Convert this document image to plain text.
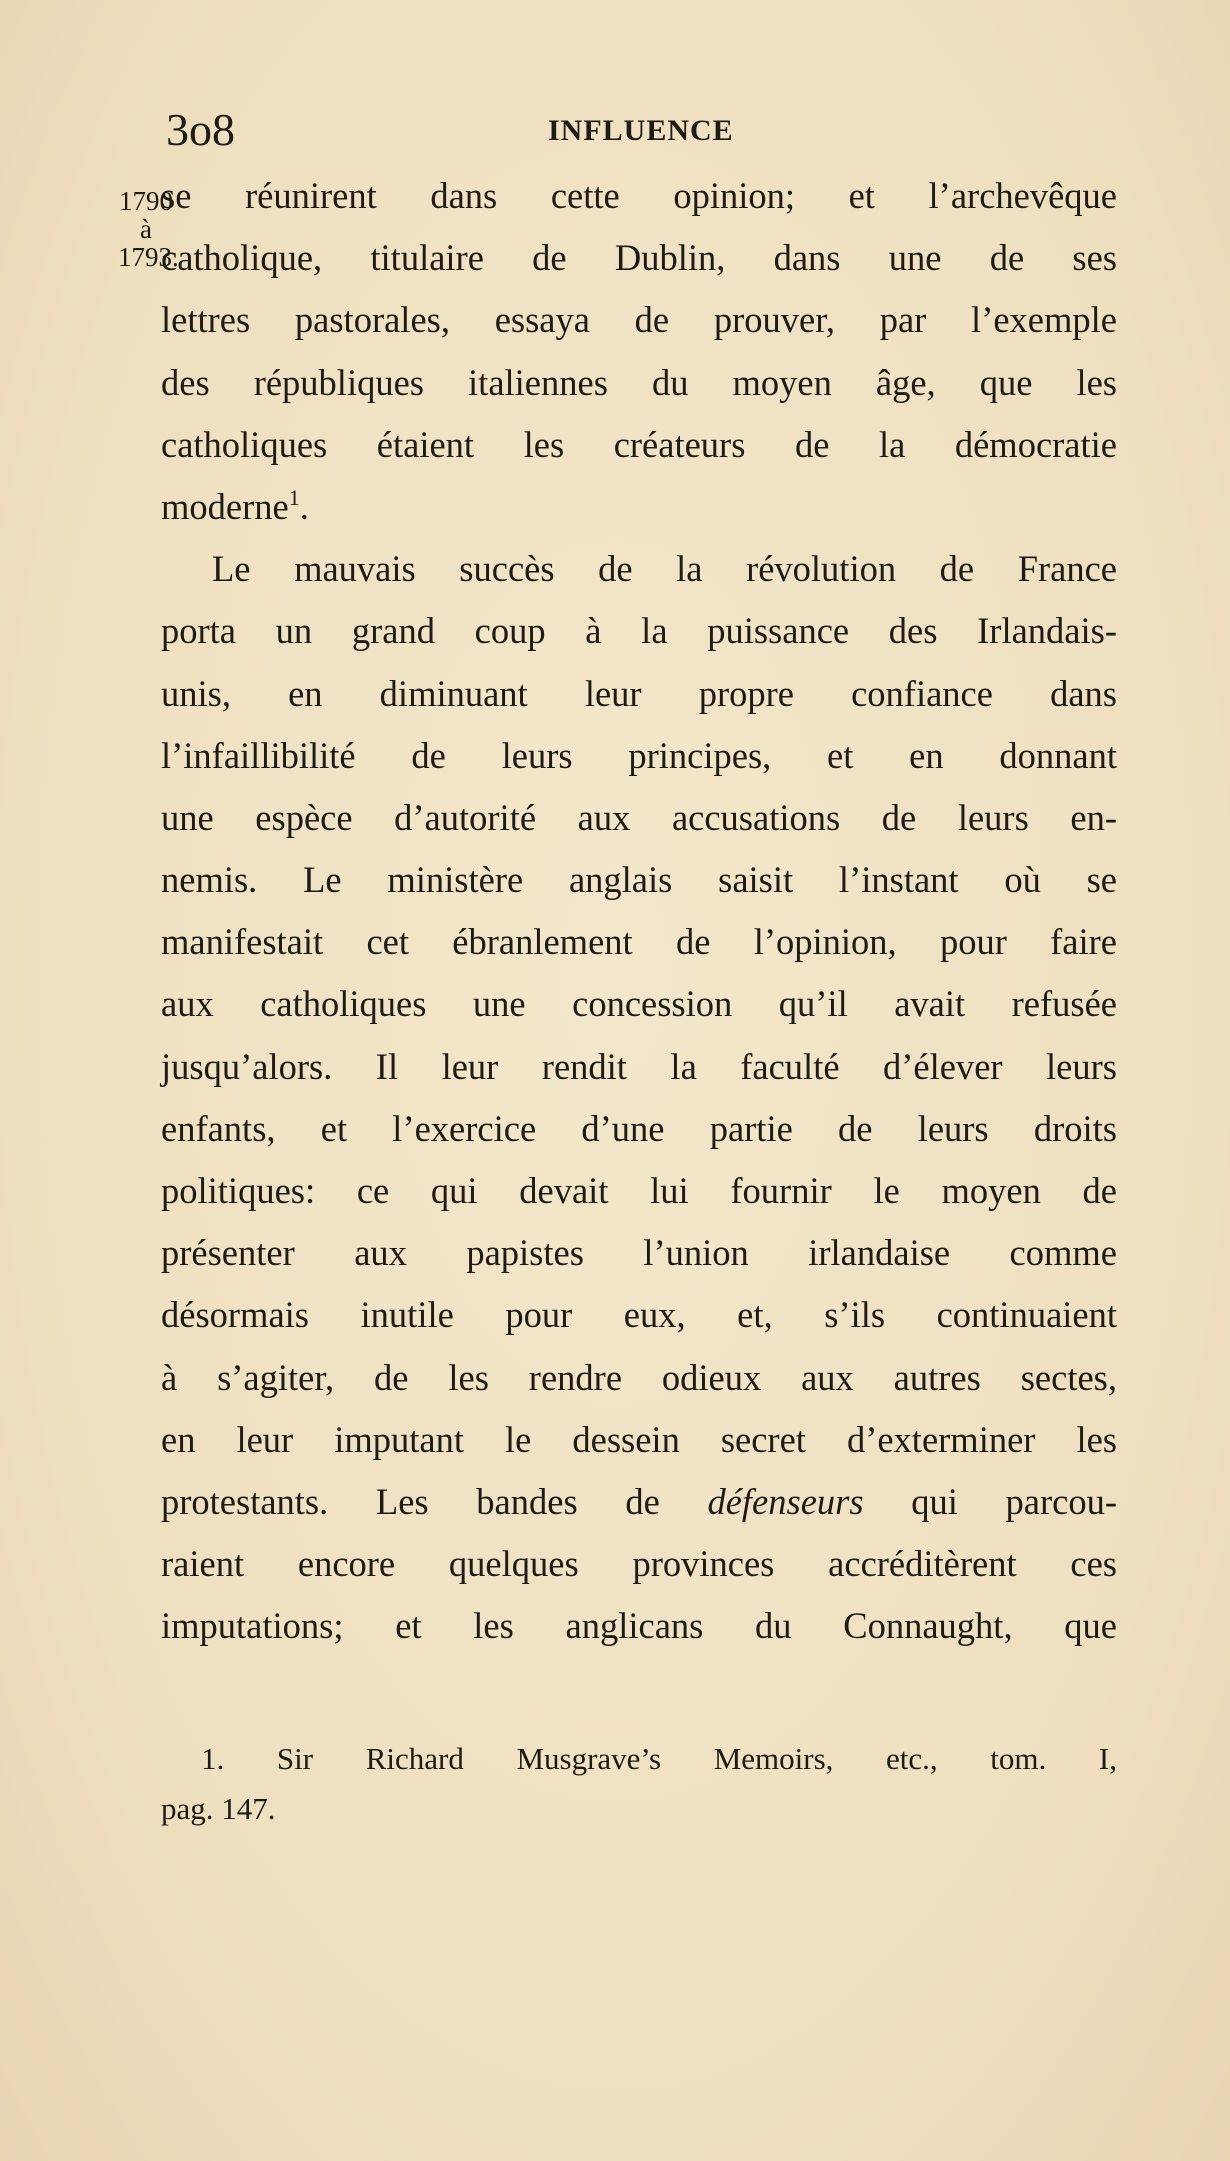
3o8	INFLUENCE
1790
à
1793.
se réunirent dans cette opinion; et l’archevêque
catholique, titulaire de Dublin, dans une de ses
lettres pastorales, essaya de prouver, par l’exemple
des républiques italiennes du moyen âge, que les
catholiques étaient les créateurs de la démocratie
moderne$^1$.
Le mauvais succès de la révolution de France
porta un grand coup à la puissance des Irlandais-
unis, en diminuant leur propre confiance dans
l’infaillibilité de leurs principes, et en donnant
une espèce d’autorité aux accusations de leurs en-
nemis. Le ministère anglais saisit l’instant où se
manifestait cet ébranlement de l’opinion, pour faire
aux catholiques une concession qu’il avait refusée
jusqu’alors. Il leur rendit la faculté d’élever leurs
enfants, et l’exercice d’une partie de leurs droits
politiques: ce qui devait lui fournir le moyen de
présenter aux papistes l’union irlandaise comme
désormais inutile pour eux, et, s’ils continuaient
à s’agiter, de les rendre odieux aux autres sectes,
en leur imputant le dessein secret d’exterminer les
protestants. Les bandes de défenseurs qui parcou-
raient encore quelques provinces accréditèrent ces
imputations; et les anglicans du Connaught, que
1. Sir Richard Musgrave’s Memoirs, etc., tom. I,
pag. 147.
